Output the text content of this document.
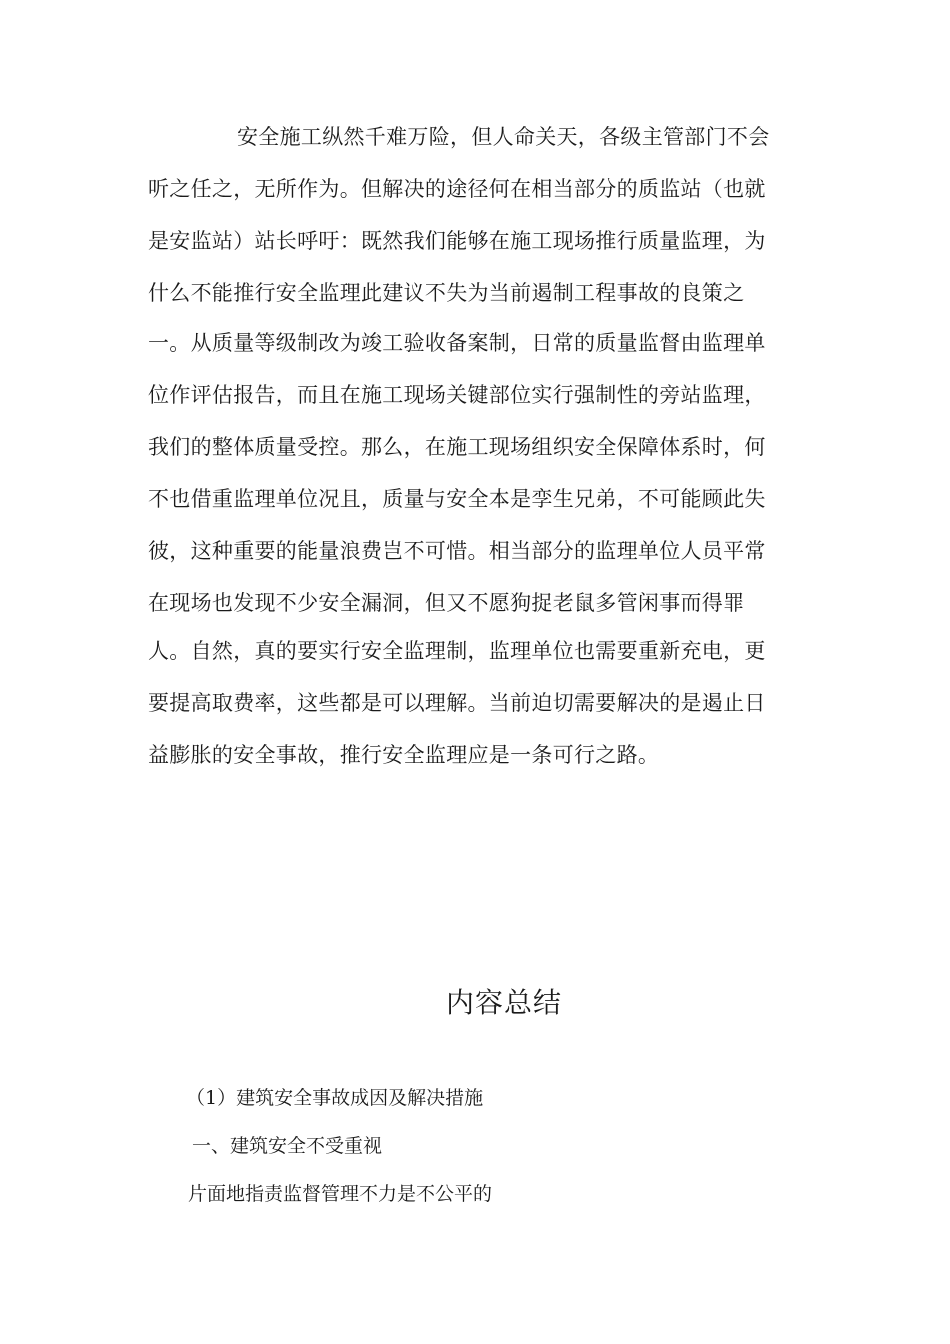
安全施工纵然千难万险，但人命关天，各级主管部门不会
听之任之，无所作为。但解决的途径何在相当部分的质监站（也就
是安监站）站长呼吁：既然我们能够在施工现场推行质量监理，为
什么不能推行安全监理此建议不失为当前遏制工程事故的良策之
一。从质量等级制改为竣工验收备案制，日常的质量监督由监理单
位作评估报告，而且在施工现场关键部位实行强制性的旁站监理，
我们的整体质量受控。那么，在施工现场组织安全保障体系时，何
不也借重监理单位况且，质量与安全本是孪生兄弟，不可能顾此失
彼，这种重要的能量浪费岂不可惜。相当部分的监理单位人员平常
在现场也发现不少安全漏洞，但又不愿狗捉老鼠多管闲事而得罪
人。自然，真的要实行安全监理制，监理单位也需要重新充电，更
要提高取费率，这些都是可以理解。当前迫切需要解决的是遏止日
益膨胀的安全事故，推行安全监理应是一条可行之路。
内容总结
（1）建筑安全事故成因及解决措施
一、建筑安全不受重视
片面地指责监督管理不力是不公平的
